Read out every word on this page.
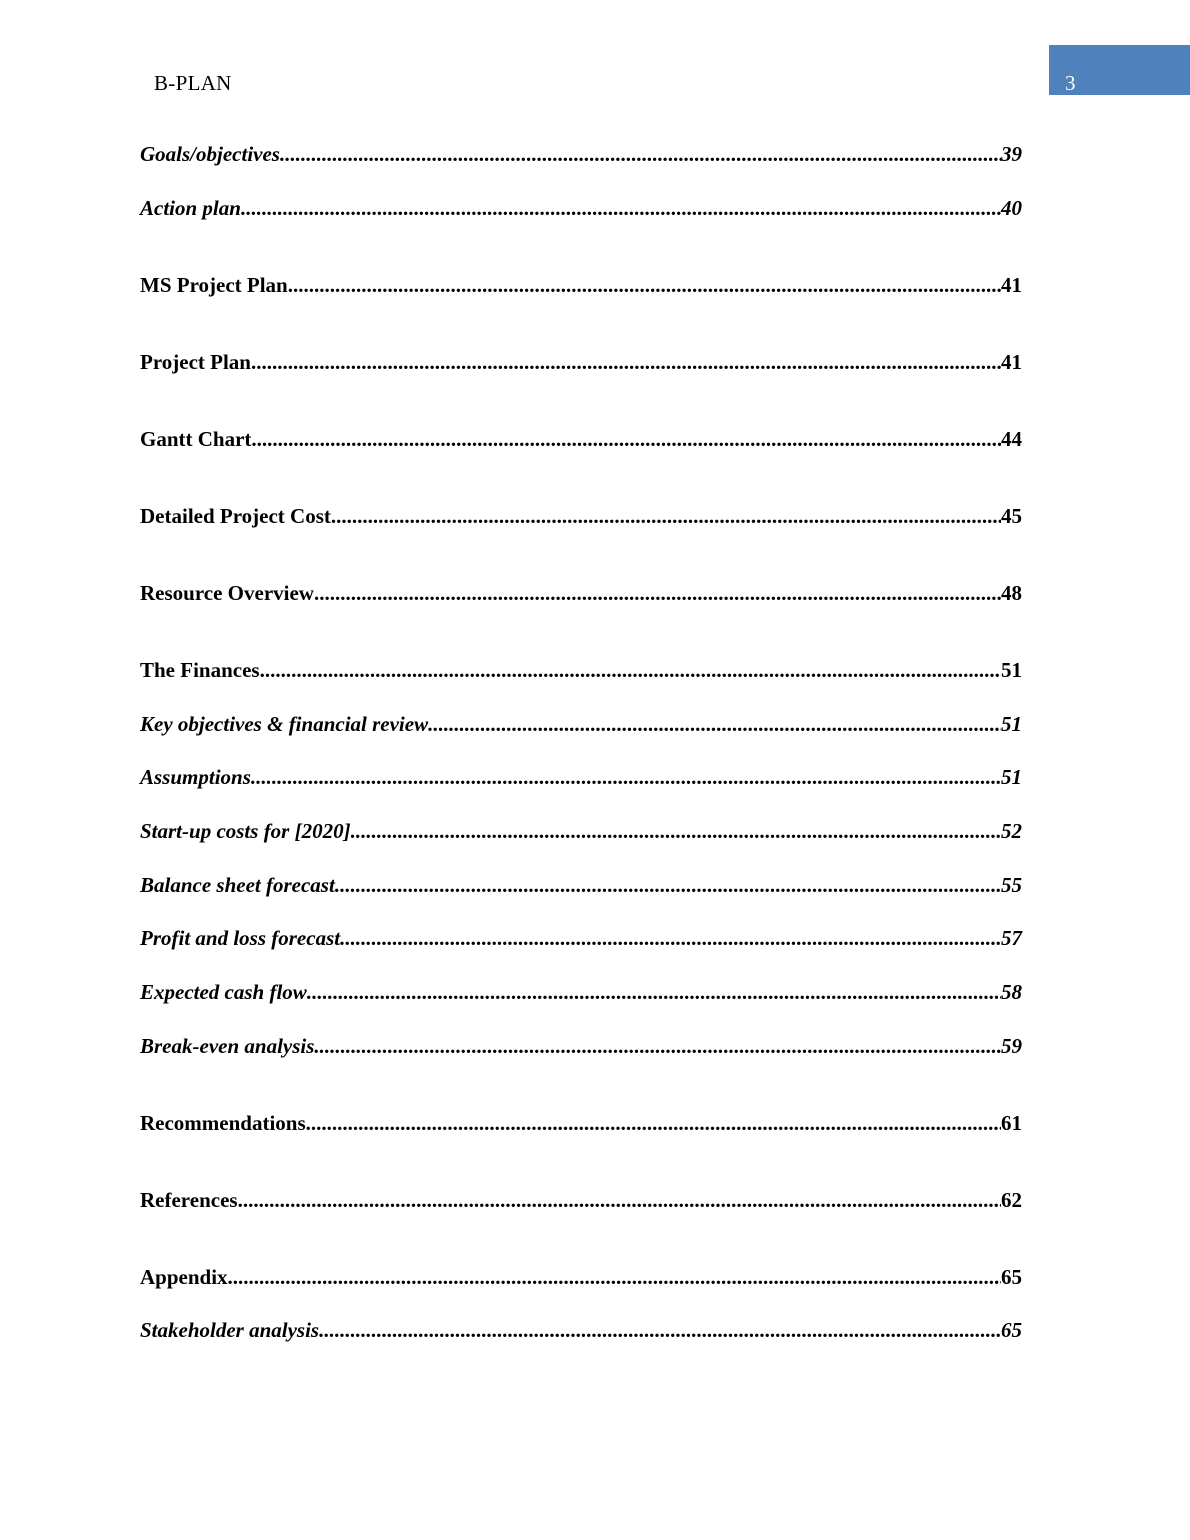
B-PLAN	3
Goals/objectives .....	39
Action plan .....	40
MS Project Plan .....	41
Project Plan .....	41
Gantt Chart .....	44
Detailed Project Cost .....	45
Resource Overview .....	48
The Finances .....	51
Key objectives & financial review .....	51
Assumptions .....	51
Start-up costs for [2020] .....	52
Balance sheet forecast .....	55
Profit and loss forecast .....	57
Expected cash flow .....	58
Break-even analysis .....	59
Recommendations .....	61
References .....	62
Appendix .....	65
Stakeholder analysis .....	65
